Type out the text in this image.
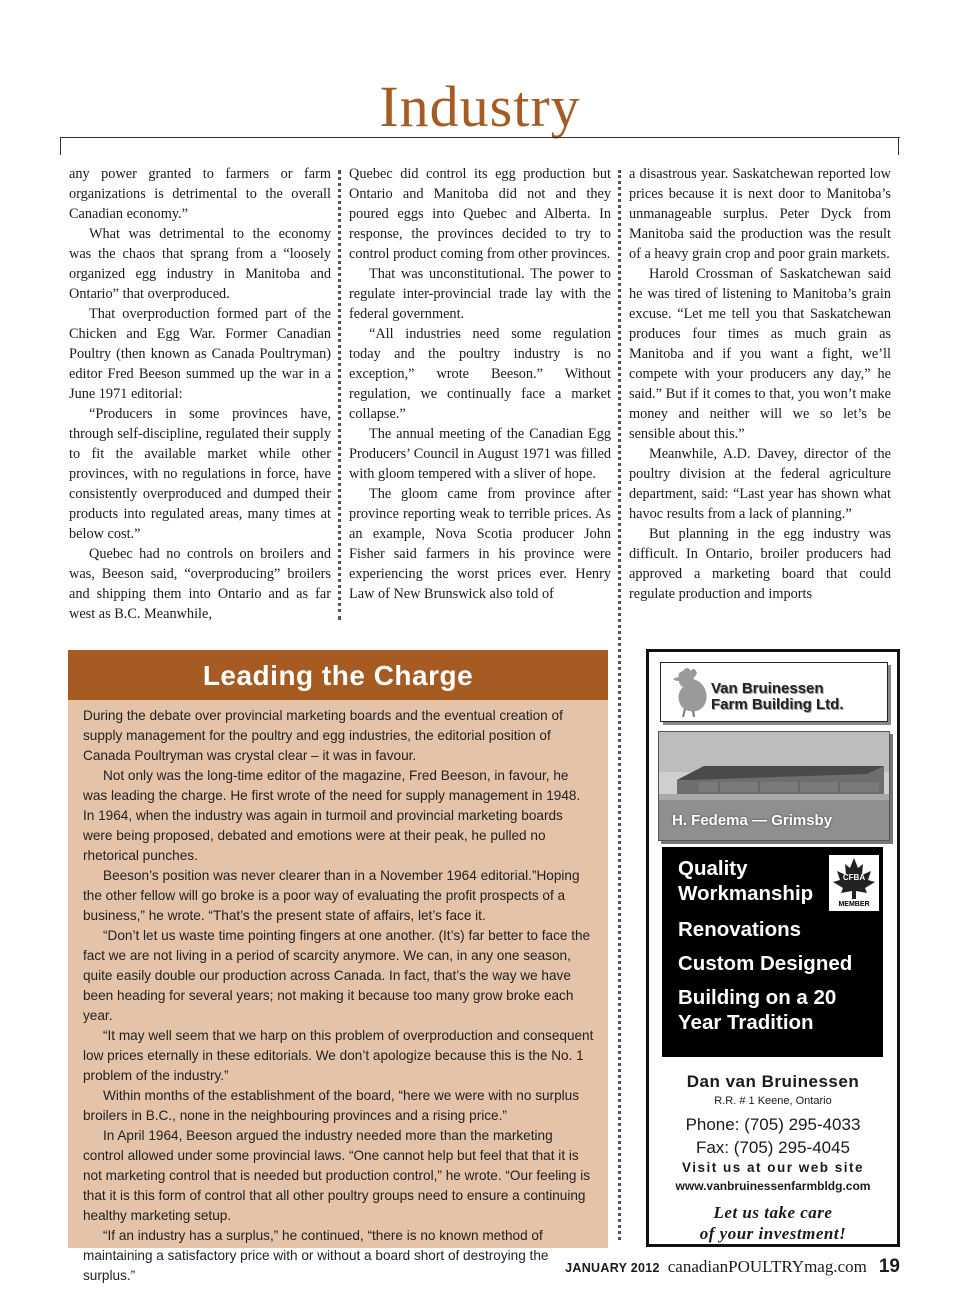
Industry

any power granted to farmers or farm organizations is detrimental to the overall Canadian economy.”

What was detrimental to the economy was the chaos that sprang from a “loosely organized egg industry in Manitoba and Ontario” that overproduced.

That overproduction formed part of the Chicken and Egg War. Former Canadian Poultry (then known as Canada Poultryman) editor Fred Beeson summed up the war in a June 1971 editorial:

“Producers in some provinces have, through self-discipline, regulated their supply to fit the available market while other provinces, with no regulations in force, have consistently overproduced and dumped their products into regulated areas, many times at below cost.”

Quebec had no controls on broilers and was, Beeson said, “overproducing” broilers and shipping them into Ontario and as far west as B.C. Meanwhile,

Quebec did control its egg production but Ontario and Manitoba did not and they poured eggs into Quebec and Alberta. In response, the provinces decided to try to control product coming from other provinces.

That was unconstitutional. The power to regulate inter-provincial trade lay with the federal government.

“All industries need some regulation today and the poultry industry is no exception,” wrote Beeson.” Without regulation, we continually face a market collapse.”

The annual meeting of the Canadian Egg Producers’ Council in August 1971 was filled with gloom tempered with a sliver of hope.

The gloom came from province after province reporting weak to terrible prices. As an example, Nova Scotia producer John Fisher said farmers in his province were experiencing the worst prices ever. Henry Law of New Brunswick also told of

a disastrous year. Saskatchewan reported low prices because it is next door to Manitoba’s unmanageable surplus. Peter Dyck from Manitoba said the production was the result of a heavy grain crop and poor grain markets.

Harold Crossman of Saskatchewan said he was tired of listening to Manitoba’s grain excuse. “Let me tell you that Saskatchewan produces four times as much grain as Manitoba and if you want a fight, we’ll compete with your producers any day,” he said.” But if it comes to that, you won’t make money and neither will we so let’s be sensible about this.”

Meanwhile, A.D. Davey, director of the poultry division at the federal agriculture department, said: “Last year has shown what havoc results from a lack of planning.”

But planning in the egg industry was difficult. In Ontario, broiler producers had approved a marketing board that could regulate production and imports

Leading the Charge

During the debate over provincial marketing boards and the eventual creation of supply management for the poultry and egg industries, the editorial position of Canada Poultryman was crystal clear – it was in favour.

Not only was the long-time editor of the magazine, Fred Beeson, in favour, he was leading the charge. He first wrote of the need for supply management in 1948. In 1964, when the industry was again in turmoil and provincial marketing boards were being proposed, debated and emotions were at their peak, he pulled no rhetorical punches.

Beeson’s position was never clearer than in a November 1964 editorial.”Hoping the other fellow will go broke is a poor way of evaluating the profit prospects of a business,” he wrote. “That’s the present state of affairs, let’s face it.

“Don’t let us waste time pointing fingers at one another. (It’s) far better to face the fact we are not living in a period of scarcity anymore. We can, in any one season, quite easily double our production across Canada. In fact, that’s the way we have been heading for several years; not making it because too many grow broke each year.

“It may well seem that we harp on this problem of overproduction and consequent low prices eternally in these editorials. We don’t apologize because this is the No. 1 problem of the industry.”

Within months of the establishment of the board, “here we were with no surplus broilers in B.C., none in the neighbouring provinces and a rising price.”

In April 1964, Beeson argued the industry needed more than the marketing control allowed under some provincial laws. “One cannot help but feel that that it is not marketing control that is needed but production control,” he wrote. “Our feeling is that it is this form of control that all other poultry groups need to ensure a continuing healthy marketing setup.

“If an industry has a surplus,” he continued, “there is no known method of maintaining a satisfactory price with or without a board short of destroying the surplus.”

Van Bruinessen
Farm Building Ltd.
H. Fedema — Grimsby
Quality
Workmanship
Renovations
Custom Designed
Building on a 20
Year Tradition
CFBA
MEMBER
Dan van Bruinessen
R.R. # 1 Keene, Ontario
Phone: (705) 295-4033
Fax: (705) 295-4045
Visit us at our web site
www.vanbruinessenfarmbldg.com
Let us take care
of your investment!
JANUARY 2012 canadianPOULTRYmag.com 19
